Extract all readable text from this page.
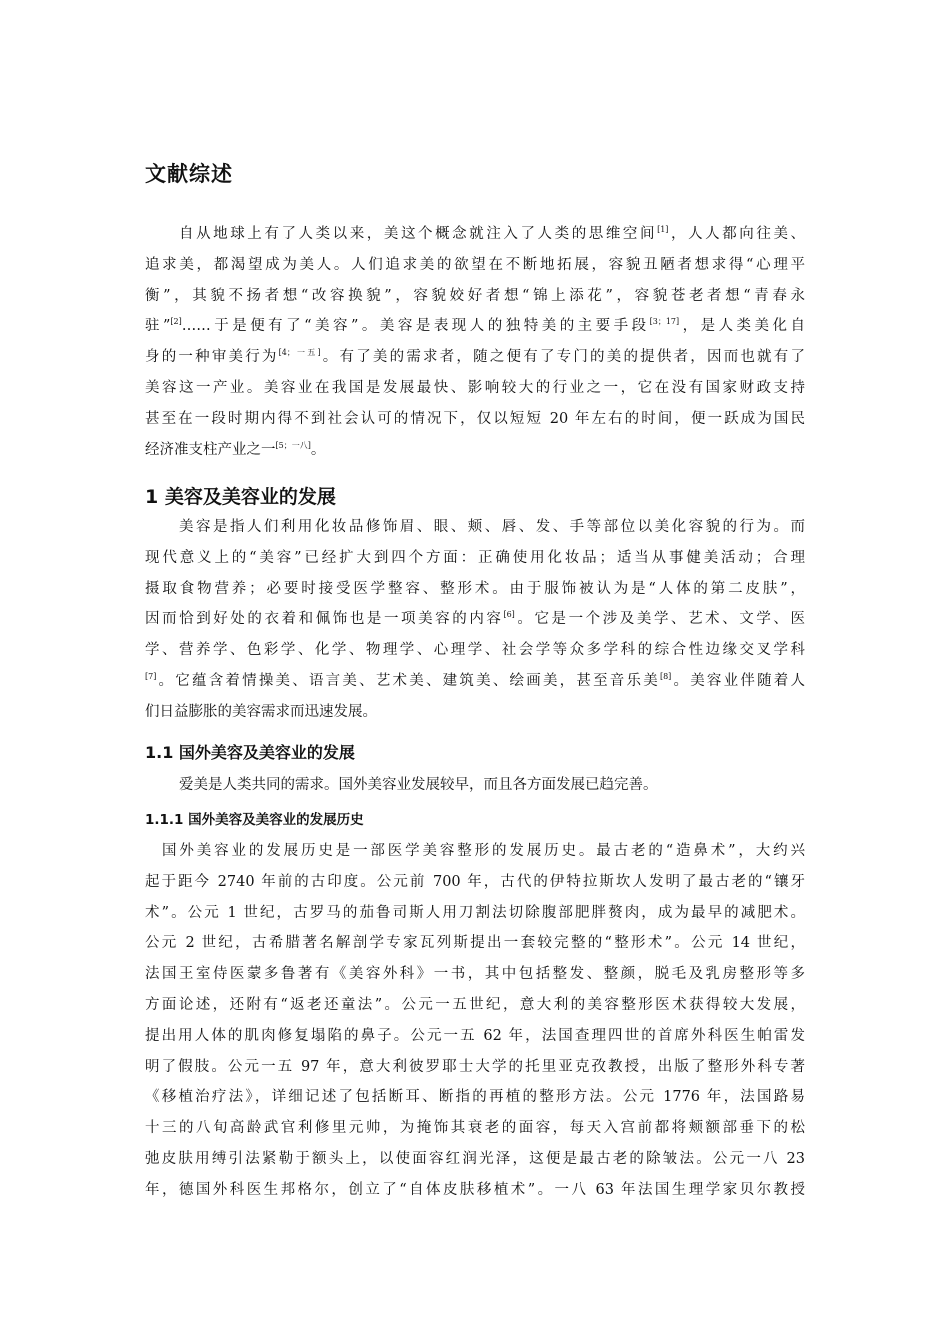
文献综述
自从地球上有了人类以来，美这个概念就注入了人类的思维空间[1]，人人都向往美、
追求美，都渴望成为美人。人们追求美的欲望在不断地拓展，容貌丑陋者想求得“心理平
衡”，其貌不扬者想“改容换貌”，容貌姣好者想“锦上添花”，容貌苍老者想“青春永
驻”[2]……于是便有了“美容”。美容是表现人的独特美的主要手段[3；17]，是人类美化自
身的一种审美行为[4；一五]。有了美的需求者，随之便有了专门的美的提供者，因而也就有了
美容这一产业。美容业在我国是发展最快、影响较大的行业之一，它在没有国家财政支持
甚至在一段时期内得不到社会认可的情况下，仅以短短 20 年左右的时间，便一跃成为国民
经济准支柱产业之一[5；一八]。
1 美容及美容业的发展
美容是指人们利用化妆品修饰眉、眼、颊、唇、发、手等部位以美化容貌的行为。而
现代意义上的“美容”已经扩大到四个方面：正确使用化妆品；适当从事健美活动；合理
摄取食物营养；必要时接受医学整容、整形术。由于服饰被认为是“人体的第二皮肤”，
因而恰到好处的衣着和佩饰也是一项美容的内容[6]。它是一个涉及美学、艺术、文学、医
学、营养学、色彩学、化学、物理学、心理学、社会学等众多学科的综合性边缘交叉学科
[7]。它蕴含着情操美、语言美、艺术美、建筑美、绘画美，甚至音乐美[8]。美容业伴随着人
们日益膨胀的美容需求而迅速发展。
1.1 国外美容及美容业的发展
爱美是人类共同的需求。国外美容业发展较早，而且各方面发展已趋完善。
1.1.1 国外美容及美容业的发展历史
国外美容业的发展历史是一部医学美容整形的发展历史。最古老的“造鼻术”，大约兴
起于距今 2740 年前的古印度。公元前 700 年，古代的伊特拉斯坎人发明了最古老的“镶牙
术”。公元 1 世纪，古罗马的茄鲁司斯人用刀割法切除腹部肥胖赘肉，成为最早的减肥术。
公元 2 世纪，古希腊著名解剖学专家瓦列斯提出一套较完整的“整形术”。公元 14 世纪，
法国王室侍医蒙多鲁著有《美容外科》一书，其中包括整发、整颜，脱毛及乳房整形等多
方面论述，还附有“返老还童法”。公元一五世纪，意大利的美容整形医术获得较大发展，
提出用人体的肌肉修复塌陷的鼻子。公元一五 62 年，法国查理四世的首席外科医生帕雷发
明了假肢。公元一五 97 年，意大利彼罗耶士大学的托里亚克孜教授，出版了整形外科专著
《移植治疗法》，详细记述了包括断耳、断指的再植的整形方法。公元 1776 年，法国路易
十三的八旬高龄武官利修里元帅，为掩饰其衰老的面容，每天入宫前都将颊额部垂下的松
弛皮肤用缚引法紧勒于额头上，以使面容红润光泽，这便是最古老的除皱法。公元一八 23
年，德国外科医生邦格尔，创立了“自体皮肤移植术”。一八 63 年法国生理学家贝尔教授
